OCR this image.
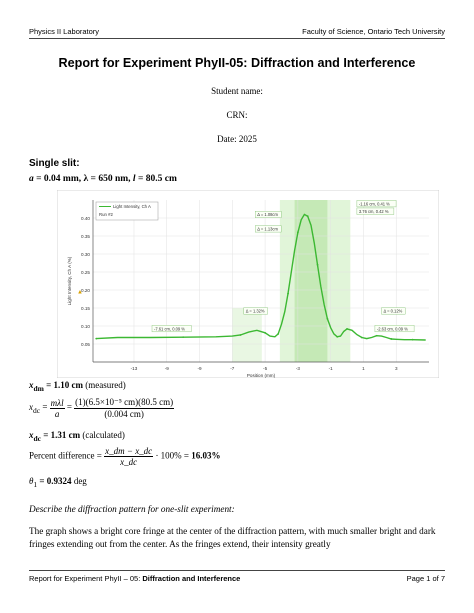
Physics II Laboratory	Faculty of Science, Ontario Tech University
Report for Experiment PhyII-05: Diffraction and Interference
Student name:
CRN:
Date: 2025
Single slit:
a = 0.04 mm, λ = 650 nm, l = 80.5 cm
0.05
0.10
0.15
0.20
0.25
0.30
0.35
0.40
-13	-9	-9	-7	-5	-3	-1	1	3
Position (mm)
Light Intensity, Ch A (%) ▲
Light Intensity, Ch A
Run #2	Δ = 1.08cm
Δ = 1.13cm
Δ = 1.32%	Δ = 0.12%
-1.16 cm, 0.41 %
3.76 cm, 0.42 %
-7.61 cm, 0.09 %	-2.63 cm, 0.09 %
$x_{dm} = 1.10$ cm (measured)
$x_{dc} = \frac{\text{mλl}}{a} = \frac{\text{(1)(6.5×10⁻⁵ cm)(80.5 cm)}}{(0.004 cm)}$
$x_{dc} = 1.31$ cm (calculated)
Percent difference = $\frac{x\_dm - x\_dc}{x\_dc} \cdot 100\% = 16.03\%$
$\theta_1 = 0.9324$ deg
Describe the diffraction pattern for one-slit experiment:
The graph shows a bright core fringe at the center of the diffraction pattern, with much smaller bright and dark fringes extending out from the center. As the fringes extend, their intensity greatly
Report for Experiment PhyII – 05: Diffraction and Interference	Page 1 of 7
